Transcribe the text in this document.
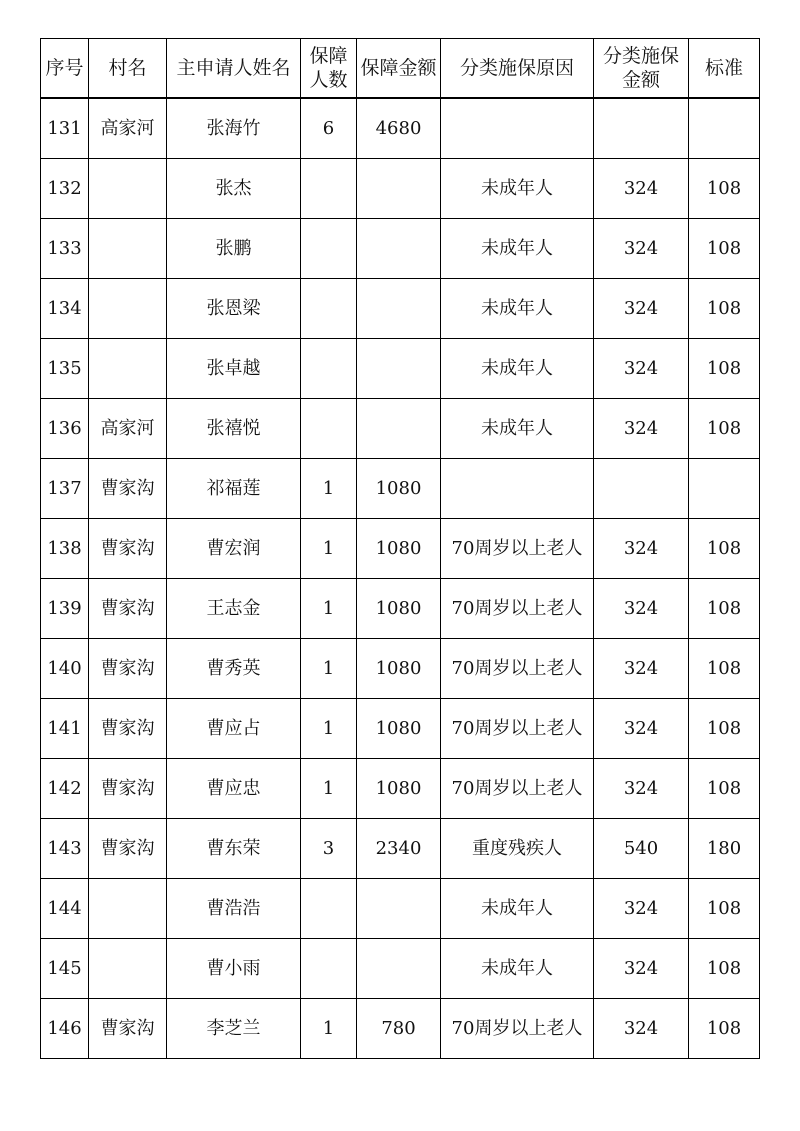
序号	村名	主申请人姓名	保障人数	保障金额	分类施保原因	分类施保金额	标准
131	高家河	张海竹	6	4680			
132		张杰			未成年人	324	108
133		张鹏			未成年人	324	108
134		张恩梁			未成年人	324	108
135		张卓越			未成年人	324	108
136	高家河	张禧悦			未成年人	324	108
137	曹家沟	祁福莲	1	1080			
138	曹家沟	曹宏润	1	1080	70周岁以上老人	324	108
139	曹家沟	王志金	1	1080	70周岁以上老人	324	108
140	曹家沟	曹秀英	1	1080	70周岁以上老人	324	108
141	曹家沟	曹应占	1	1080	70周岁以上老人	324	108
142	曹家沟	曹应忠	1	1080	70周岁以上老人	324	108
143	曹家沟	曹东荣	3	2340	重度残疾人	540	180
144		曹浩浩			未成年人	324	108
145		曹小雨			未成年人	324	108
146	曹家沟	李芝兰	1	780	70周岁以上老人	324	108
